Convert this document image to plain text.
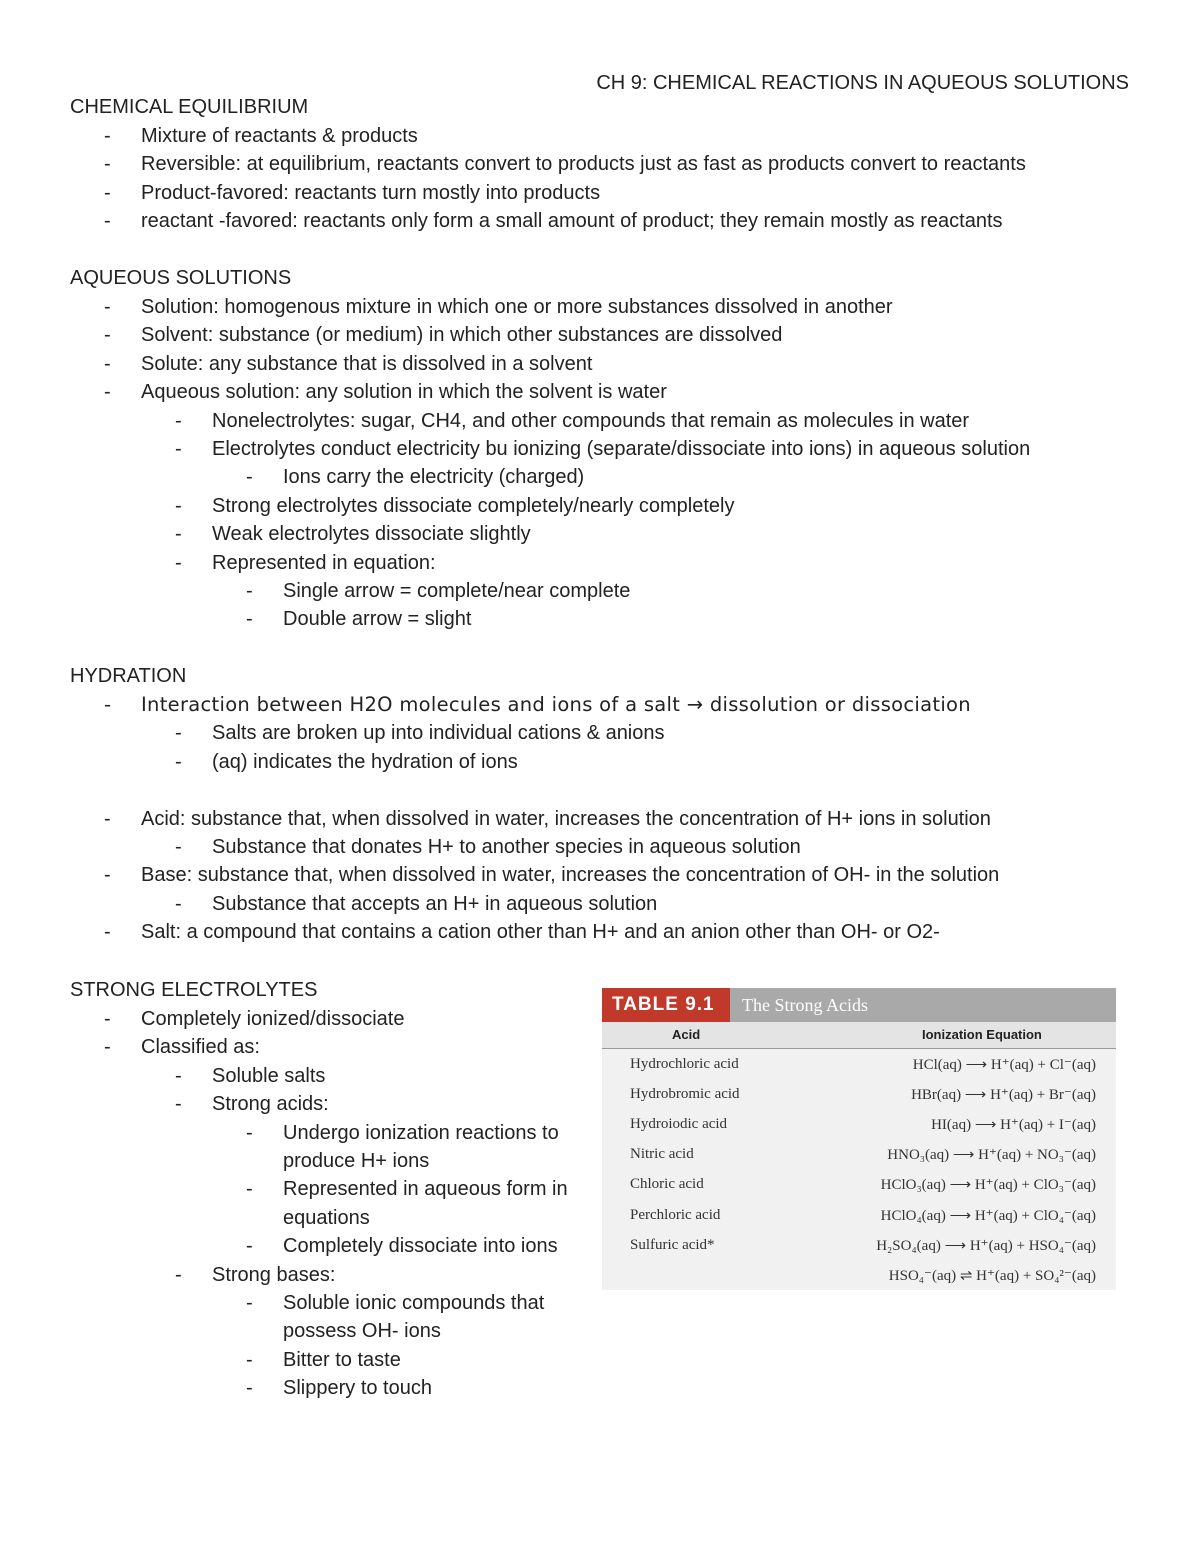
CH 9: CHEMICAL REACTIONS IN AQUEOUS SOLUTIONS
CHEMICAL EQUILIBRIUM
- Mixture of reactants & products
- Reversible: at equilibrium, reactants convert to products just as fast as products convert to reactants
- Product-favored: reactants turn mostly into products
- reactant -favored: reactants only form a small amount of product; they remain mostly as reactants
AQUEOUS SOLUTIONS
- Solution: homogenous mixture in which one or more substances dissolved in another
- Solvent: substance (or medium) in which other substances are dissolved
- Solute: any substance that is dissolved in a solvent
- Aqueous solution: any solution in which the solvent is water
- Nonelectrolytes: sugar, CH4, and other compounds that remain as molecules in water
- Electrolytes conduct electricity bu ionizing (separate/dissociate into ions) in aqueous solution
- Ions carry the electricity (charged)
- Strong electrolytes dissociate completely/nearly completely
- Weak electrolytes dissociate slightly
- Represented in equation:
- Single arrow = complete/near complete
- Double arrow = slight
HYDRATION
- Interaction between H2O molecules and ions of a salt → dissolution or dissociation
- Salts are broken up into individual cations & anions
- (aq) indicates the hydration of ions
- Acid: substance that, when dissolved in water, increases the concentration of H+ ions in solution
- Substance that donates H+ to another species in aqueous solution
- Base: substance that, when dissolved in water, increases the concentration of OH- in the solution
- Substance that accepts an H+ in aqueous solution
- Salt: a compound that contains a cation other than H+ and an anion other than OH- or O2-
STRONG ELECTROLYTES
- Completely ionized/dissociate
- Classified as:
- Soluble salts
- Strong acids:
- Undergo ionization reactions to produce H+ ions
- Represented in aqueous form in equations
- Completely dissociate into ions
- Strong bases:
- Soluble ionic compounds that possess OH- ions
- Bitter to taste
- Slippery to touch
TABLE 9.1	The Strong Acids
Acid	Ionization Equation
Hydrochloric acid	HCl(aq) ⟶ H⁺(aq) + Cl⁻(aq)
Hydrobromic acid	HBr(aq) ⟶ H⁺(aq) + Br⁻(aq)
Hydroiodic acid	HI(aq) ⟶ H⁺(aq) + I⁻(aq)
Nitric acid	HNO₃(aq) ⟶ H⁺(aq) + NO₃⁻(aq)
Chloric acid	HClO₃(aq) ⟶ H⁺(aq) + ClO₃⁻(aq)
Perchloric acid	HClO₄(aq) ⟶ H⁺(aq) + ClO₄⁻(aq)
Sulfuric acid*	H₂SO₄(aq) ⟶ H⁺(aq) + HSO₄⁻(aq)
HSO₄⁻(aq) ⇌ H⁺(aq) + SO₄²⁻(aq)
